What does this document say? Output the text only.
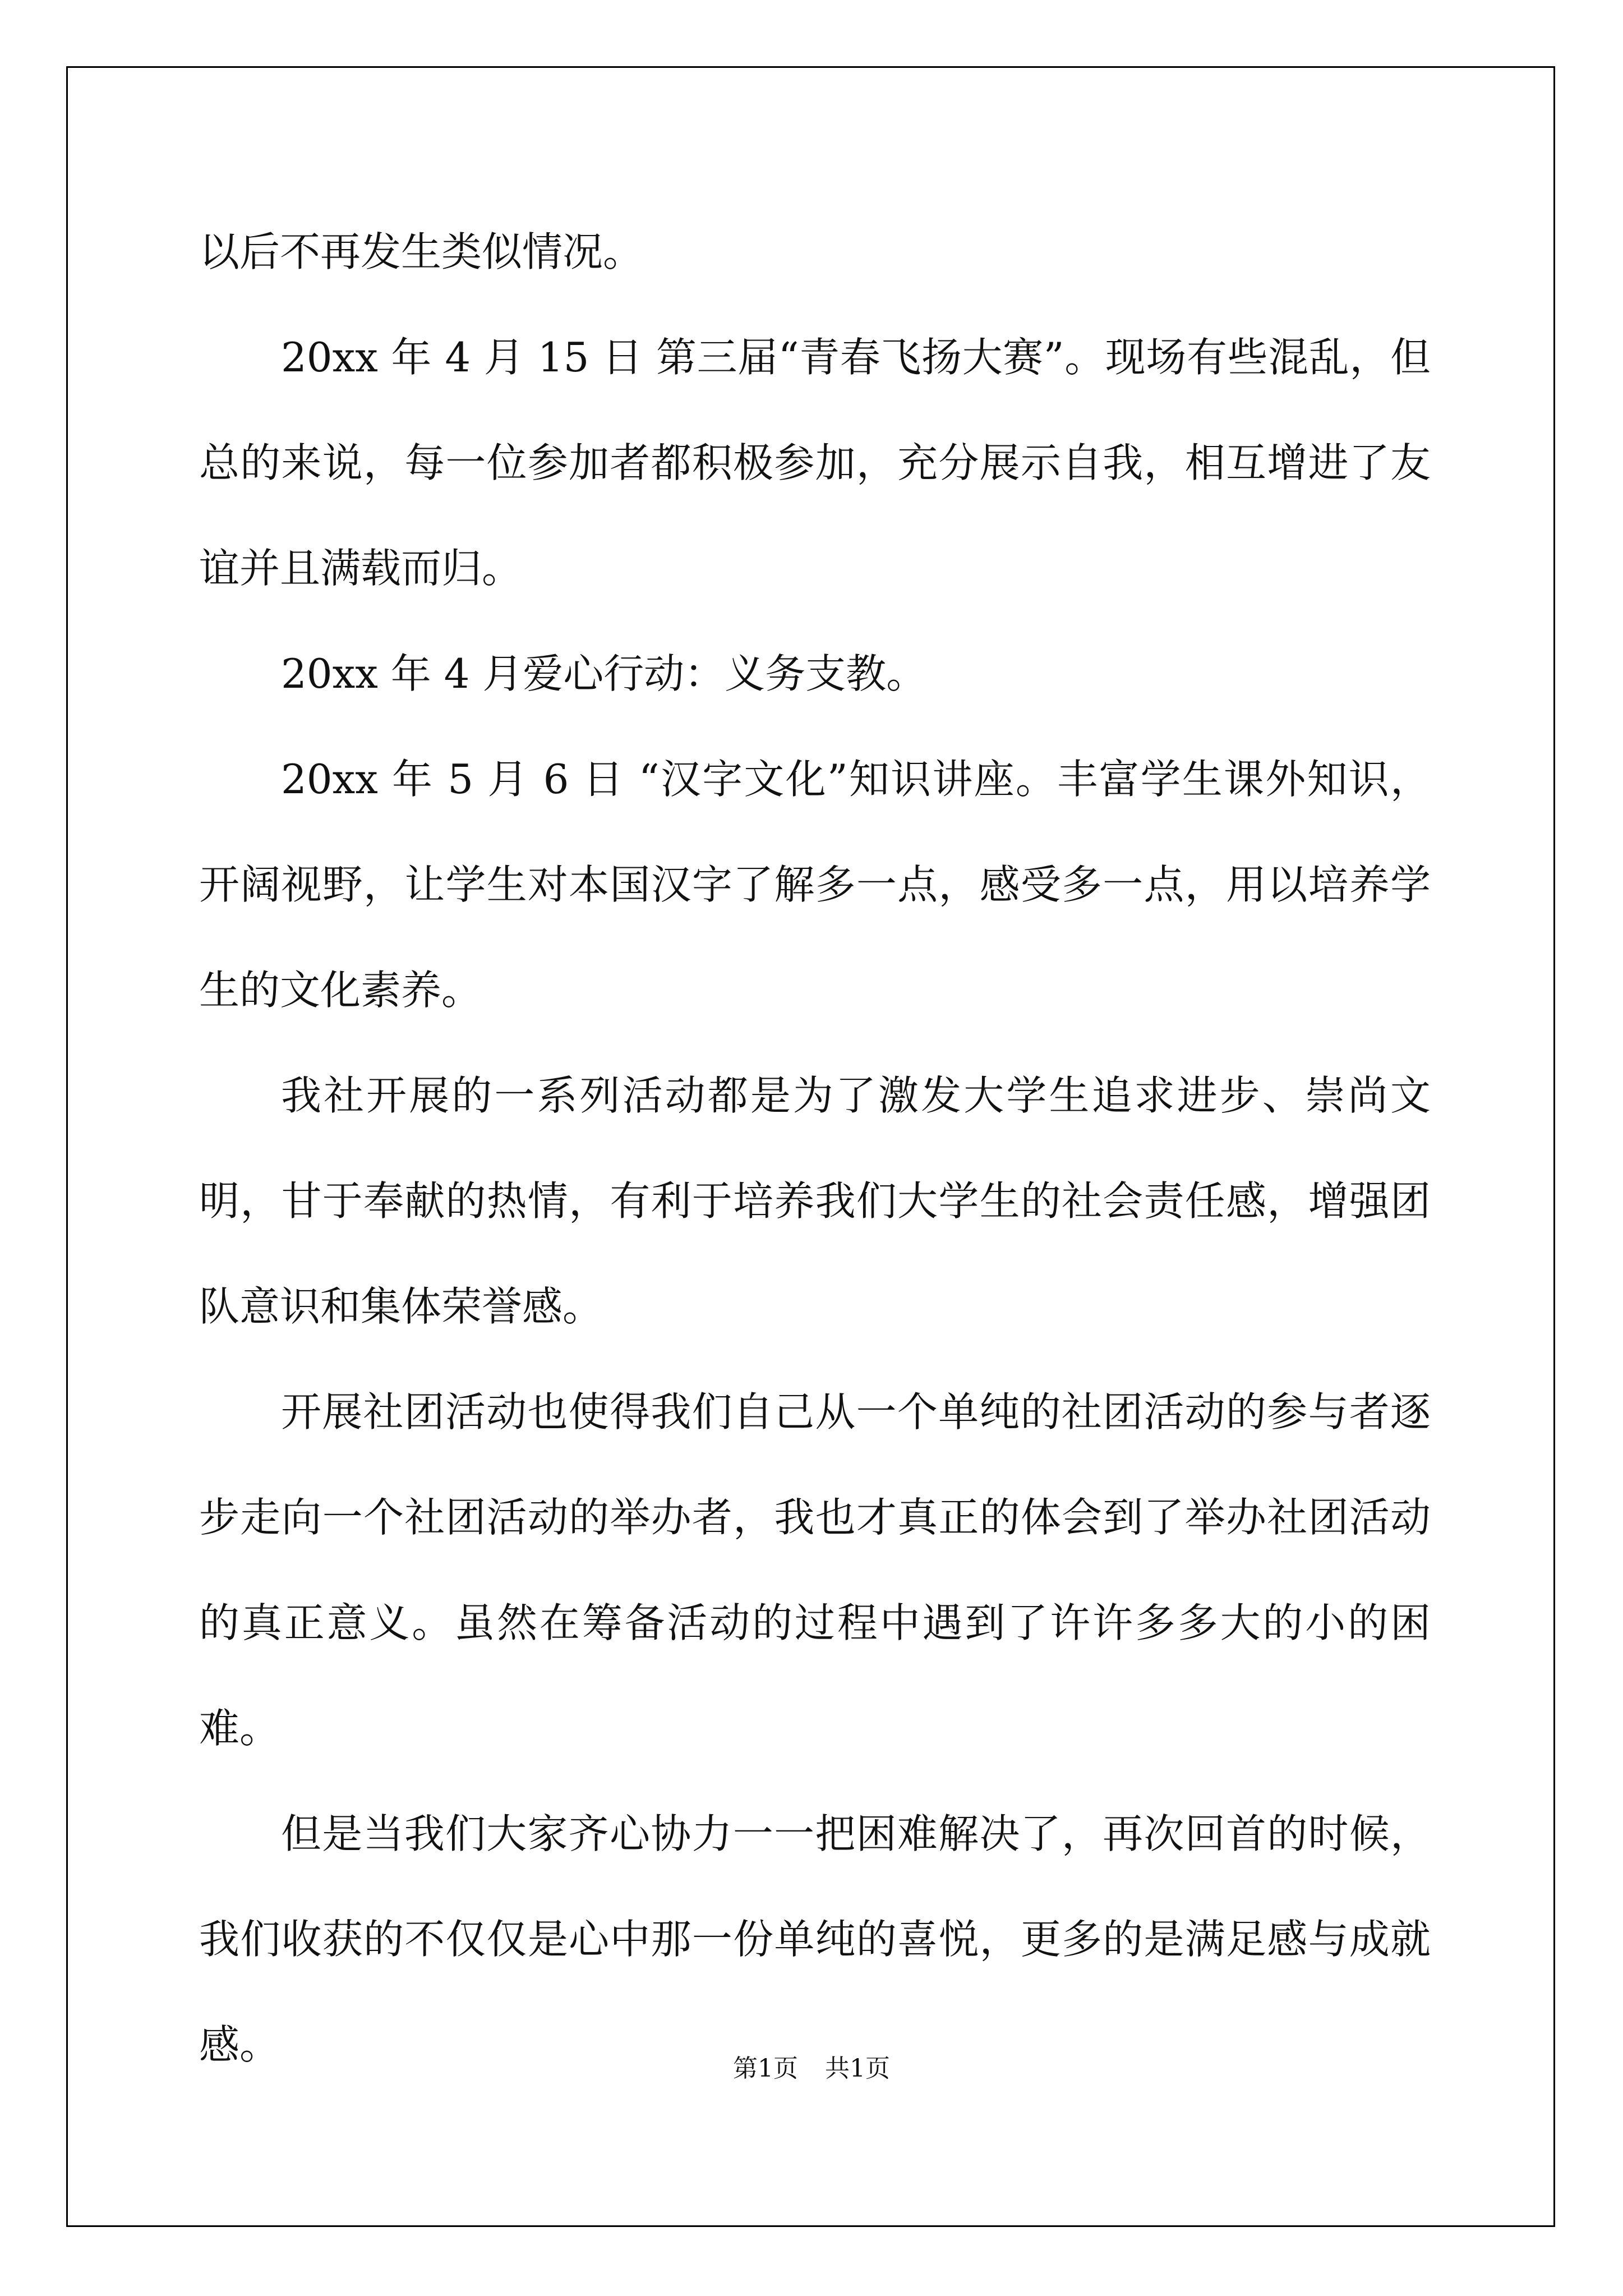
以后不再发生类似情况。

20xx 年 4 月 15 日 第三届“青春飞扬大赛”。现场有些混乱，但总的来说，每一位参加者都积极参加，充分展示自我，相互增进了友谊并且满载而归。

20xx 年 4 月爱心行动：义务支教。

20xx 年 5 月 6 日 “汉字文化”知识讲座。丰富学生课外知识，开阔视野，让学生对本国汉字了解多一点，感受多一点，用以培养学生的文化素养。

我社开展的一系列活动都是为了激发大学生追求进步、崇尚文明，甘于奉献的热情，有利于培养我们大学生的社会责任感，增强团队意识和集体荣誉感。

开展社团活动也使得我们自己从一个单纯的社团活动的参与者逐步走向一个社团活动的举办者，我也才真正的体会到了举办社团活动的真正意义。虽然在筹备活动的过程中遇到了许许多多大的小的困难。

但是当我们大家齐心协力一一把困难解决了，再次回首的时候，我们收获的不仅仅是心中那一份单纯的喜悦，更多的是满足感与成就感。

第1页 共1页
